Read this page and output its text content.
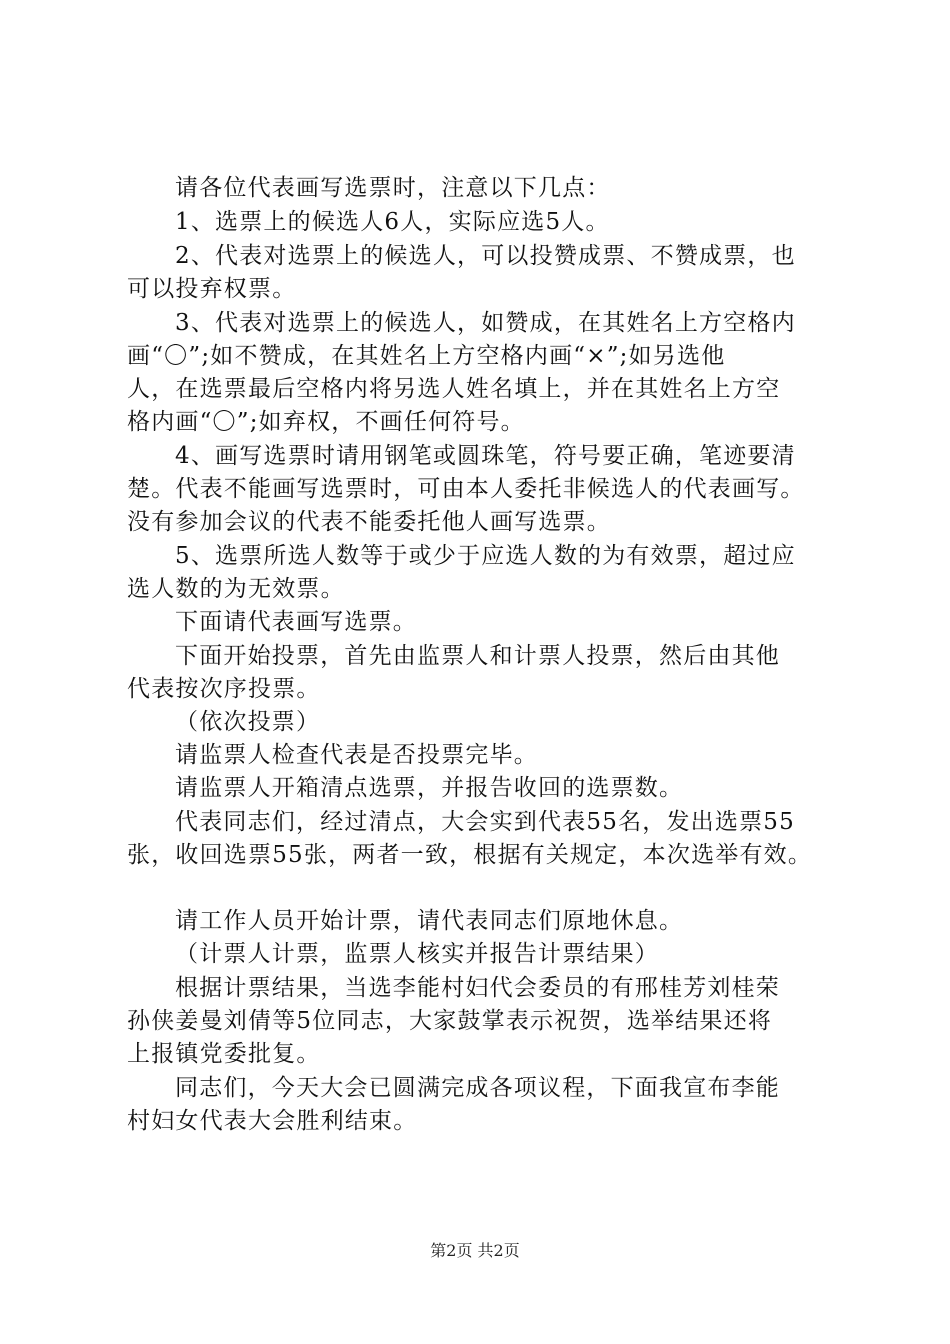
请各位代表画写选票时，注意以下几点：
1、选票上的候选人6人，实际应选5人。
2、代表对选票上的候选人，可以投赞成票、不赞成票，也
可以投弃权票。
3、代表对选票上的候选人，如赞成，在其姓名上方空格内
画“〇”;如不赞成，在其姓名上方空格内画“×”;如另选他
人，在选票最后空格内将另选人姓名填上，并在其姓名上方空
格内画“〇”;如弃权，不画任何符号。
4、画写选票时请用钢笔或圆珠笔，符号要正确，笔迹要清
楚。代表不能画写选票时，可由本人委托非候选人的代表画写。
没有参加会议的代表不能委托他人画写选票。
5、选票所选人数等于或少于应选人数的为有效票，超过应
选人数的为无效票。
下面请代表画写选票。
下面开始投票，首先由监票人和计票人投票，然后由其他
代表按次序投票。
（依次投票）
请监票人检查代表是否投票完毕。
请监票人开箱清点选票，并报告收回的选票数。
代表同志们，经过清点，大会实到代表55名，发出选票55
张，收回选票55张，两者一致，根据有关规定，本次选举有效。
请工作人员开始计票，请代表同志们原地休息。
（计票人计票，监票人核实并报告计票结果）
根据计票结果，当选李能村妇代会委员的有邢桂芳刘桂荣
孙侠姜曼刘倩等5位同志，大家鼓掌表示祝贺，选举结果还将
上报镇党委批复。
同志们，今天大会已圆满完成各项议程，下面我宣布李能
村妇女代表大会胜利结束。
第2页 共2页
